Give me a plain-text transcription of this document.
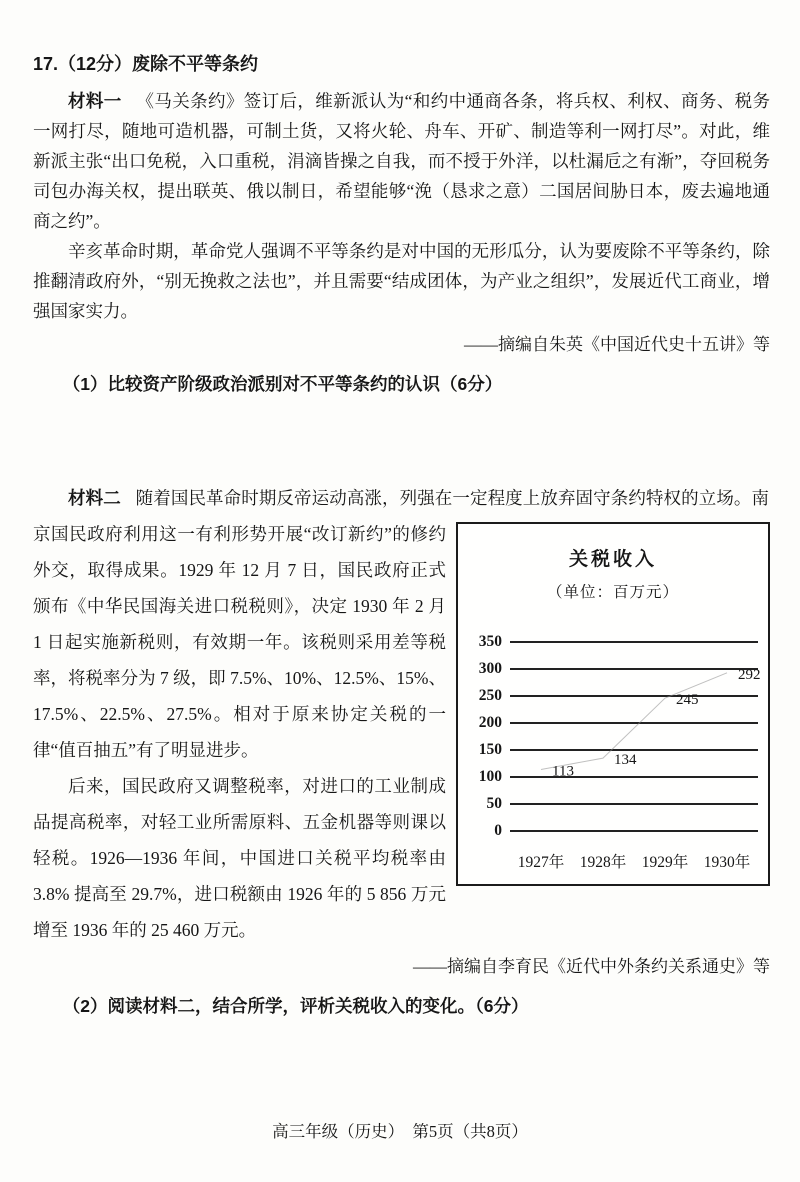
17.（12分）废除不平等条约

材料一 《马关条约》签订后，维新派认为“和约中通商各条，将兵权、利权、商务、税务一网打尽，随地可造机器，可制土货，又将火轮、舟车、开矿、制造等利一网打尽”。对此，维新派主张“出口免税，入口重税，涓滴皆操之自我，而不授于外洋，以杜漏卮之有渐”，夺回税务司包办海关权，提出联英、俄以制日，希望能够“浼（恳求之意）二国居间胁日本，废去遍地通商之约”。

辛亥革命时期，革命党人强调不平等条约是对中国的无形瓜分，认为要废除不平等条约，除推翻清政府外，“别无挽救之法也”，并且需要“结成团体，为产业之组织”，发展近代工商业，增强国家实力。

——摘编自朱英《中国近代史十五讲》等
（1）比较资产阶级政治派别对不平等条约的认识（6分）
关税收入
（单位：百万元）
350
300
250
200
150
100
50
0
1927年 1928年 1929年 1930年
113
134
245
292

材料二 随着国民革命时期反帝运动高涨，列强在一定程度上放弃固守条约特权的立场。南京国民政府利用这一有利形势开展“改订新约”的修约外交，取得成果。1929 年 12 月 7 日，国民政府正式颁布《中华民国海关进口税税则》，决定 1930 年 2 月 1 日起实施新税则，有效期一年。该税则采用差等税率，将税率分为 7 级，即 7.5%、10%、12.5%、15%、17.5%、22.5%、27.5%。相对于原来协定关税的一律“值百抽五”有了明显进步。

后来，国民政府又调整税率，对进口的工业制成品提高税率，对轻工业所需原料、五金机器等则课以轻税。1926—1936 年间，中国进口关税平均税率由 3.8% 提高至 29.7%，进口税额由 1926 年的 5 856 万元增至 1936 年的 25 460 万元。

——摘编自李育民《近代中外条约关系通史》等
（2）阅读材料二，结合所学，评析关税收入的变化。（6分）
高三年级（历史）　第5页（共8页）
